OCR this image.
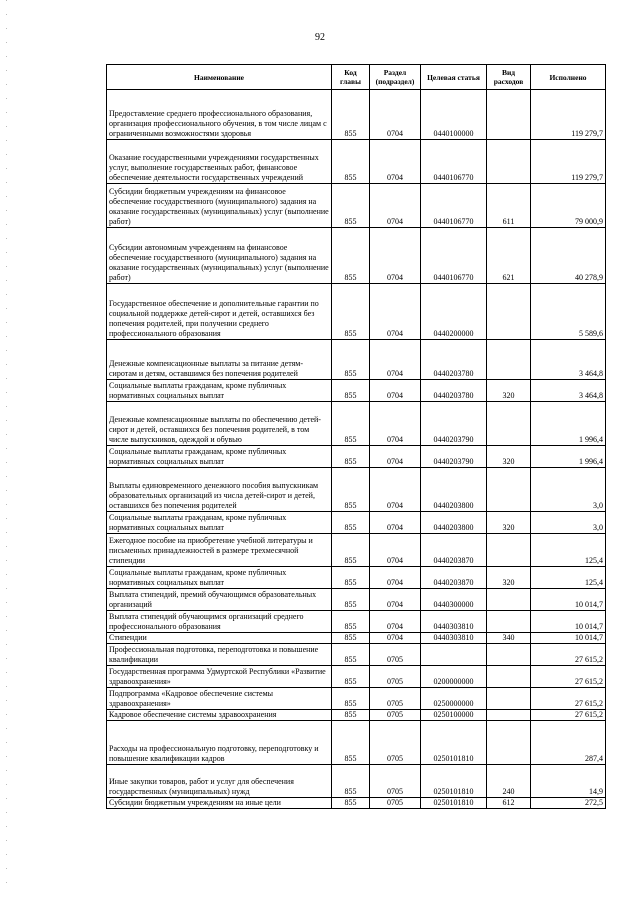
92
Наименование	Код главы	Раздел (подраздел)	Целевая статья	Вид расходов	Исполнено
Предоставление среднего профессионального образования, организация профессионального обучения, в том числе лицам с ограниченными возможностями здоровья	855	0704	0440100000		119 279,7
Оказание государственными учреждениями государственных услуг, выполнение государственных работ, финансовое обеспечение деятельности государственных учреждений	855	0704	0440106770		119 279,7
Субсидии бюджетным учреждениям на финансовое обеспечение государственного (муниципального) задания на оказание государственных (муниципальных) услуг (выполнение работ)	855	0704	0440106770	611	79 000,9
Субсидии автономным учреждениям на финансовое обеспечение государственного (муниципального) задания на оказание государственных (муниципальных) услуг (выполнение работ)	855	0704	0440106770	621	40 278,9
Государственное обеспечение и дополнительные гарантии по социальной поддержке детей-сирот и детей, оставшихся без попечения родителей, при получении среднего профессионального образования	855	0704	0440200000		5 589,6
Денежные компенсационные выплаты за питание детям-сиротам и детям, оставшимся без попечения родителей	855	0704	0440203780		3 464,8
Социальные выплаты гражданам, кроме публичных нормативных социальных выплат	855	0704	0440203780	320	3 464,8
Денежные компенсационные выплаты по обеспечению детей-сирот и детей, оставшихся без попечения родителей, в том числе выпускников, одеждой и обувью	855	0704	0440203790		1 996,4
Социальные выплаты гражданам, кроме публичных нормативных социальных выплат	855	0704	0440203790	320	1 996,4
Выплаты единовременного денежного пособия выпускникам образовательных организаций из числа детей-сирот и детей, оставшихся без попечения родителей	855	0704	0440203800		3,0
Социальные выплаты гражданам, кроме публичных нормативных социальных выплат	855	0704	0440203800	320	3,0
Ежегодное пособие на приобретение учебной литературы и письменных принадлежностей в размере трехмесячной стипендии	855	0704	0440203870		125,4
Социальные выплаты гражданам, кроме публичных нормативных социальных выплат	855	0704	0440203870	320	125,4
Выплата стипендий, премий обучающимся образовательных организаций	855	0704	0440300000		10 014,7
Выплата стипендий обучающимся организаций среднего профессионального образования	855	0704	0440303810		10 014,7
Стипендии	855	0704	0440303810	340	10 014,7
Профессиональная подготовка, переподготовка и повышение квалификации	855	0705			27 615,2
Государственная программа Удмуртской Республики «Развитие здравоохранения»	855	0705	0200000000		27 615,2
Подпрограмма «Кадровое обеспечение системы здравоохранения»	855	0705	0250000000		27 615,2
Кадровое обеспечение системы здравоохранения	855	0705	0250100000		27 615,2
Расходы на профессиональную подготовку, переподготовку и повышение квалификации кадров	855	0705	0250101810		287,4
Иные закупки товаров, работ и услуг для обеспечения государственных (муниципальных) нужд	855	0705	0250101810	240	14,9
Субсидии бюджетным учреждениям на иные цели	855	0705	0250101810	612	272,5
